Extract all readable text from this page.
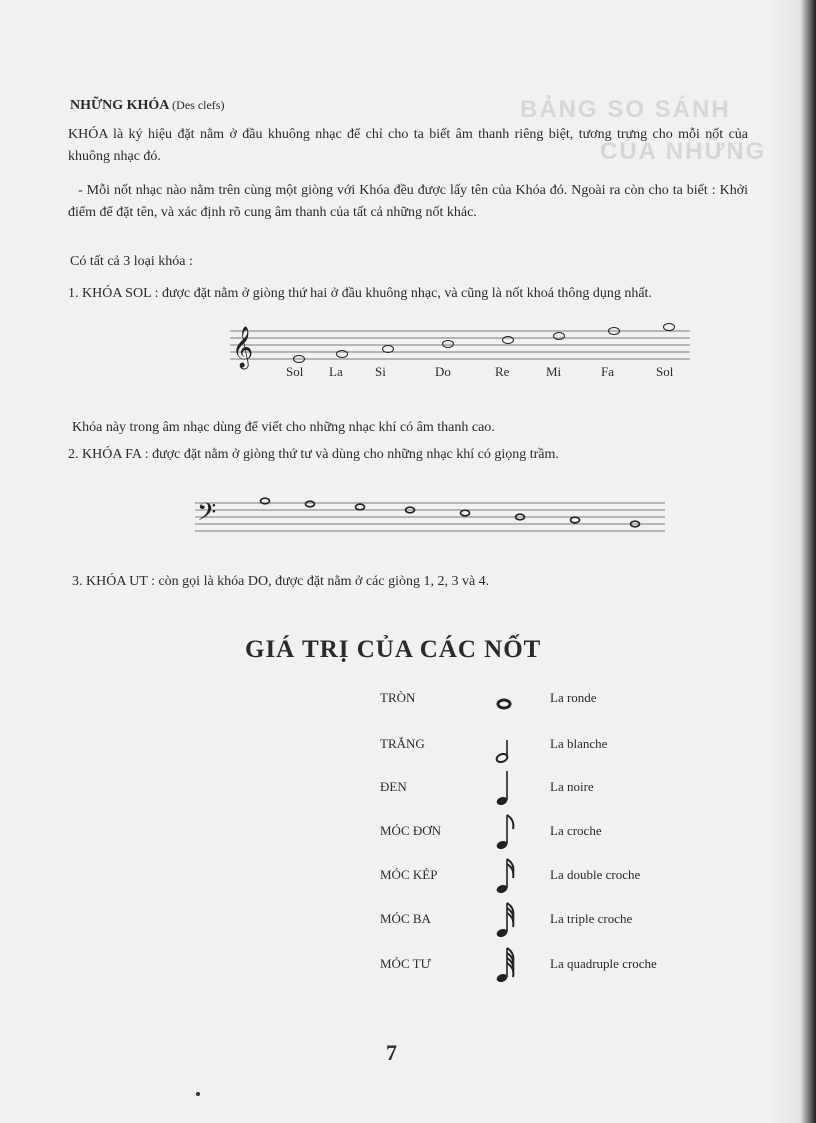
BẢNG SO SÁNH
CỦA NHỮNG
NHỮNG KHÓA (Des clefs)
KHÓA là ký hiệu đặt nằm ở đầu khuông nhạc để chỉ cho ta biết âm thanh riêng biệt, tương trưng cho mỗi nốt của khuông nhạc đó.
- Mỗi nốt nhạc nào nằm trên cùng một giòng với Khóa đều được lấy tên của Khóa đó. Ngoài ra còn cho ta biết : Khởi điểm để đặt tên, và xác định rõ cung âm thanh của tất cả những nốt khác.
Có tất cả 3 loại khóa :
1. KHÓA SOL : được đặt nằm ở giòng thứ hai ở đầu khuông nhạc, và cũng là nốt khoá thông dụng nhất.
𝄞
Sol La Si	Do	Re	Mi	Fa	Sol
Khóa này trong âm nhạc dùng để viết cho những nhạc khí có âm thanh cao.
2. KHÓA FA : được đặt nằm ở giòng thứ tư và dùng cho những nhạc khí có giọng trầm.
𝄢
3. KHÓA UT : còn gọi là khóa DO, được đặt nằm ở các giòng 1, 2, 3 và 4.
GIÁ TRỊ CỦA CÁC NỐT
TRÒN	La ronde
TRẮNG	La blanche
ĐEN	La noire
MÓC ĐƠN	La croche
MÓC KÉP	La double croche
MÓC BA	La triple croche
MÓC TƯ	La quadruple croche
7
